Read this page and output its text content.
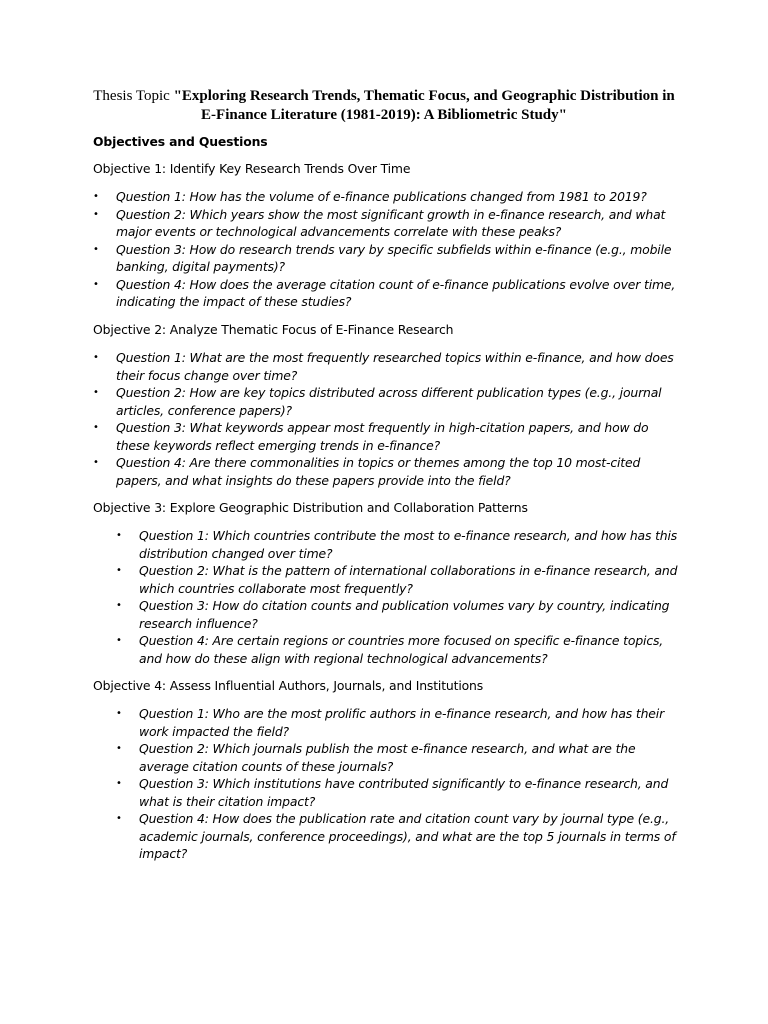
Thesis Topic "Exploring Research Trends, Thematic Focus, and Geographic Distribution in E-Finance Literature (1981-2019): A Bibliometric Study"
Objectives and Questions
Objective 1: Identify Key Research Trends Over Time
• Question 1: How has the volume of e-finance publications changed from 1981 to 2019?
• Question 2: Which years show the most significant growth in e-finance research, and what major events or technological advancements correlate with these peaks?
• Question 3: How do research trends vary by specific subfields within e-finance (e.g., mobile banking, digital payments)?
• Question 4: How does the average citation count of e-finance publications evolve over time, indicating the impact of these studies?
Objective 2: Analyze Thematic Focus of E-Finance Research
• Question 1: What are the most frequently researched topics within e-finance, and how does their focus change over time?
• Question 2: How are key topics distributed across different publication types (e.g., journal articles, conference papers)?
• Question 3: What keywords appear most frequently in high-citation papers, and how do these keywords reflect emerging trends in e-finance?
• Question 4: Are there commonalities in topics or themes among the top 10 most-cited papers, and what insights do these papers provide into the field?
Objective 3: Explore Geographic Distribution and Collaboration Patterns
• Question 1: Which countries contribute the most to e-finance research, and how has this distribution changed over time?
• Question 2: What is the pattern of international collaborations in e-finance research, and which countries collaborate most frequently?
• Question 3: How do citation counts and publication volumes vary by country, indicating research influence?
• Question 4: Are certain regions or countries more focused on specific e-finance topics, and how do these align with regional technological advancements?
Objective 4: Assess Influential Authors, Journals, and Institutions
• Question 1: Who are the most prolific authors in e-finance research, and how has their work impacted the field?
• Question 2: Which journals publish the most e-finance research, and what are the average citation counts of these journals?
• Question 3: Which institutions have contributed significantly to e-finance research, and what is their citation impact?
• Question 4: How does the publication rate and citation count vary by journal type (e.g., academic journals, conference proceedings), and what are the top 5 journals in terms of impact?
